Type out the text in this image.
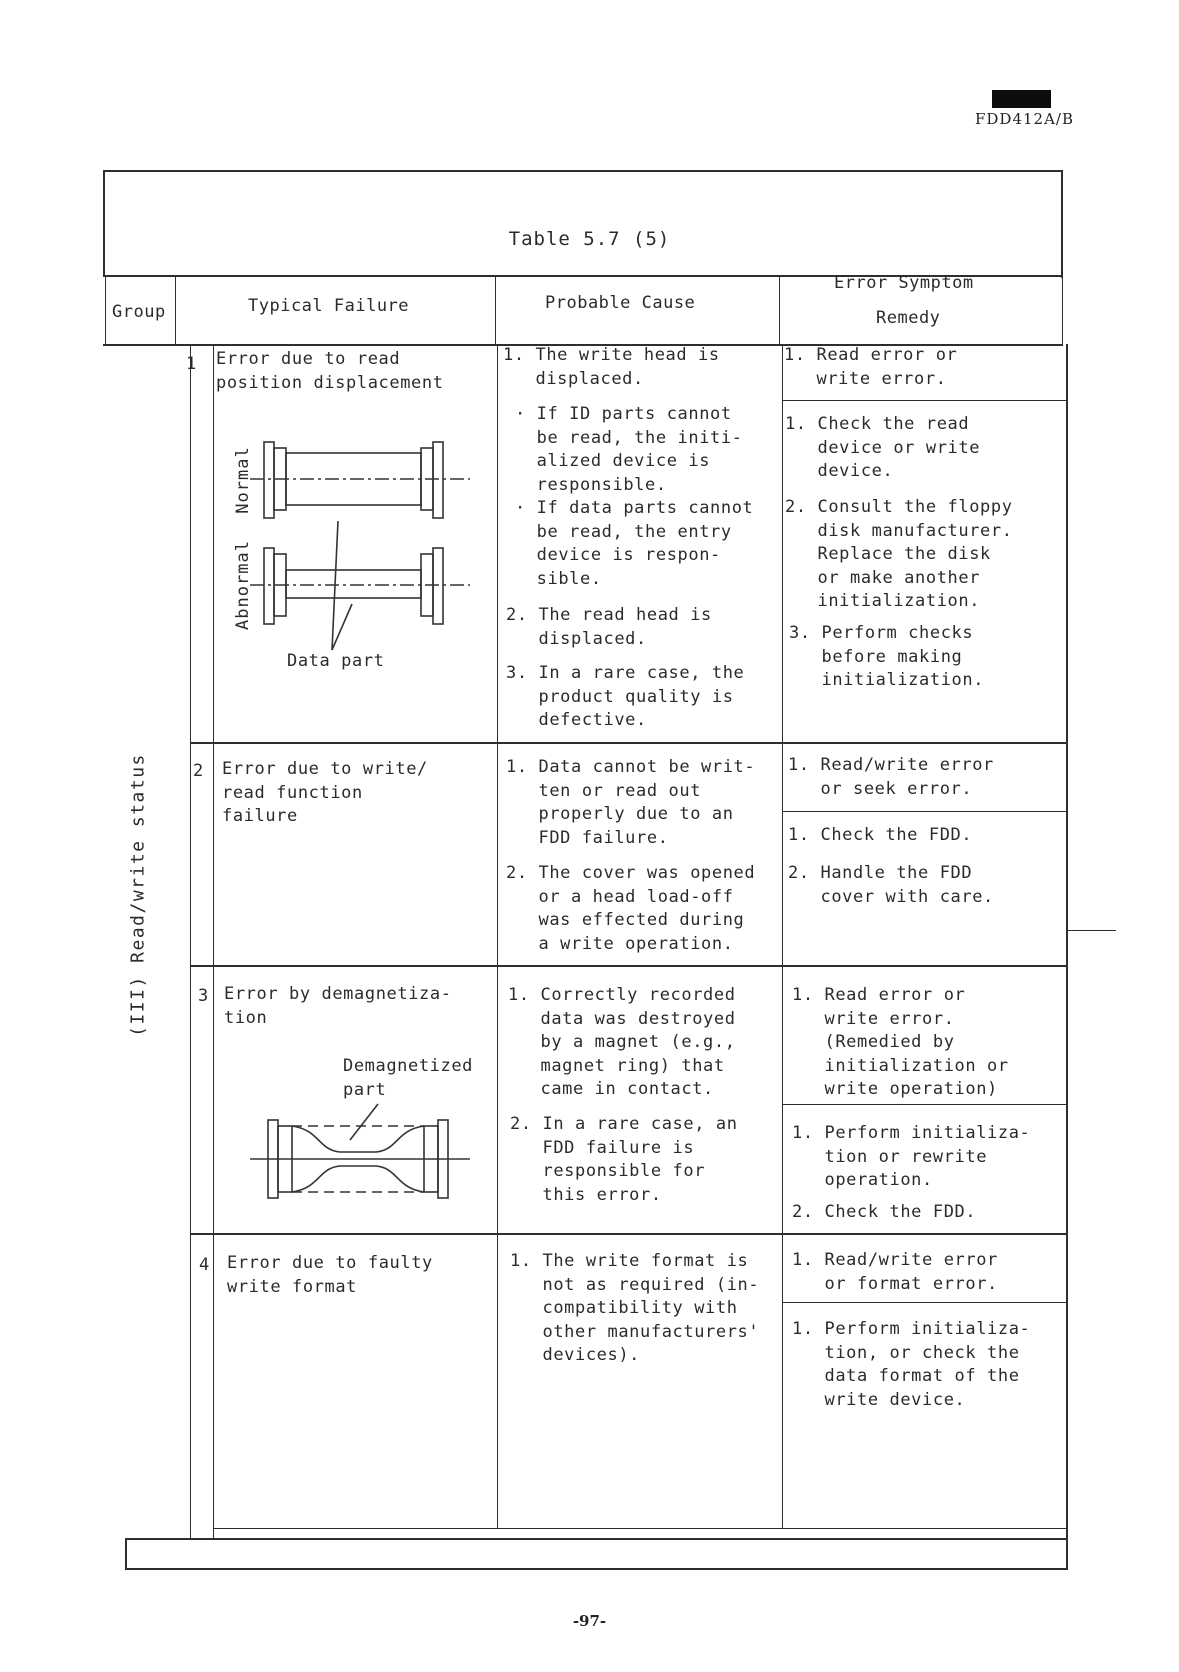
FDD412A/B
Table 5.7 (5)
Group	Typical Failure	Probable Cause
Error Symptom
Remedy
(III) Read/write status
1 Error due to read
position displacement
Normal
Abnormal
Data part
1. The write head is
displaced.
· If ID parts cannot
be read, the initi-
alized device is
responsible.
· If data parts cannot
be read, the entry
device is respon-
sible.
2. The read head is
displaced.
3. In a rare case, the
product quality is
defective.
1. Read error or
write error.
1. Check the read
device or write
device.
2. Consult the floppy
disk manufacturer.
Replace the disk
or make another
initialization.
3. Perform checks
before making
initialization.
2 Error due to write/
read function
failure
1. Data cannot be writ-
ten or read out
properly due to an
FDD failure.
2. The cover was opened
or a head load-off
was effected during
a write operation.
1. Read/write error
or seek error.
1. Check the FDD.
2. Handle the FDD
cover with care.
3 Error by demagnetiza-
tion
Demagnetized
part
1. Correctly recorded
data was destroyed
by a magnet (e.g.,
magnet ring) that
came in contact.
2. In a rare case, an
FDD failure is
responsible for
this error.
1. Read error or
write error.
(Remedied by
initialization or
write operation)
1. Perform initializa-
tion or rewrite
operation.
2. Check the FDD.
4 Error due to faulty
write format
1. The write format is
not as required (in-
compatibility with
other manufacturers'
devices).
1. Read/write error
or format error.
1. Perform initializa-
tion, or check the
data format of the
write device.
-97-
